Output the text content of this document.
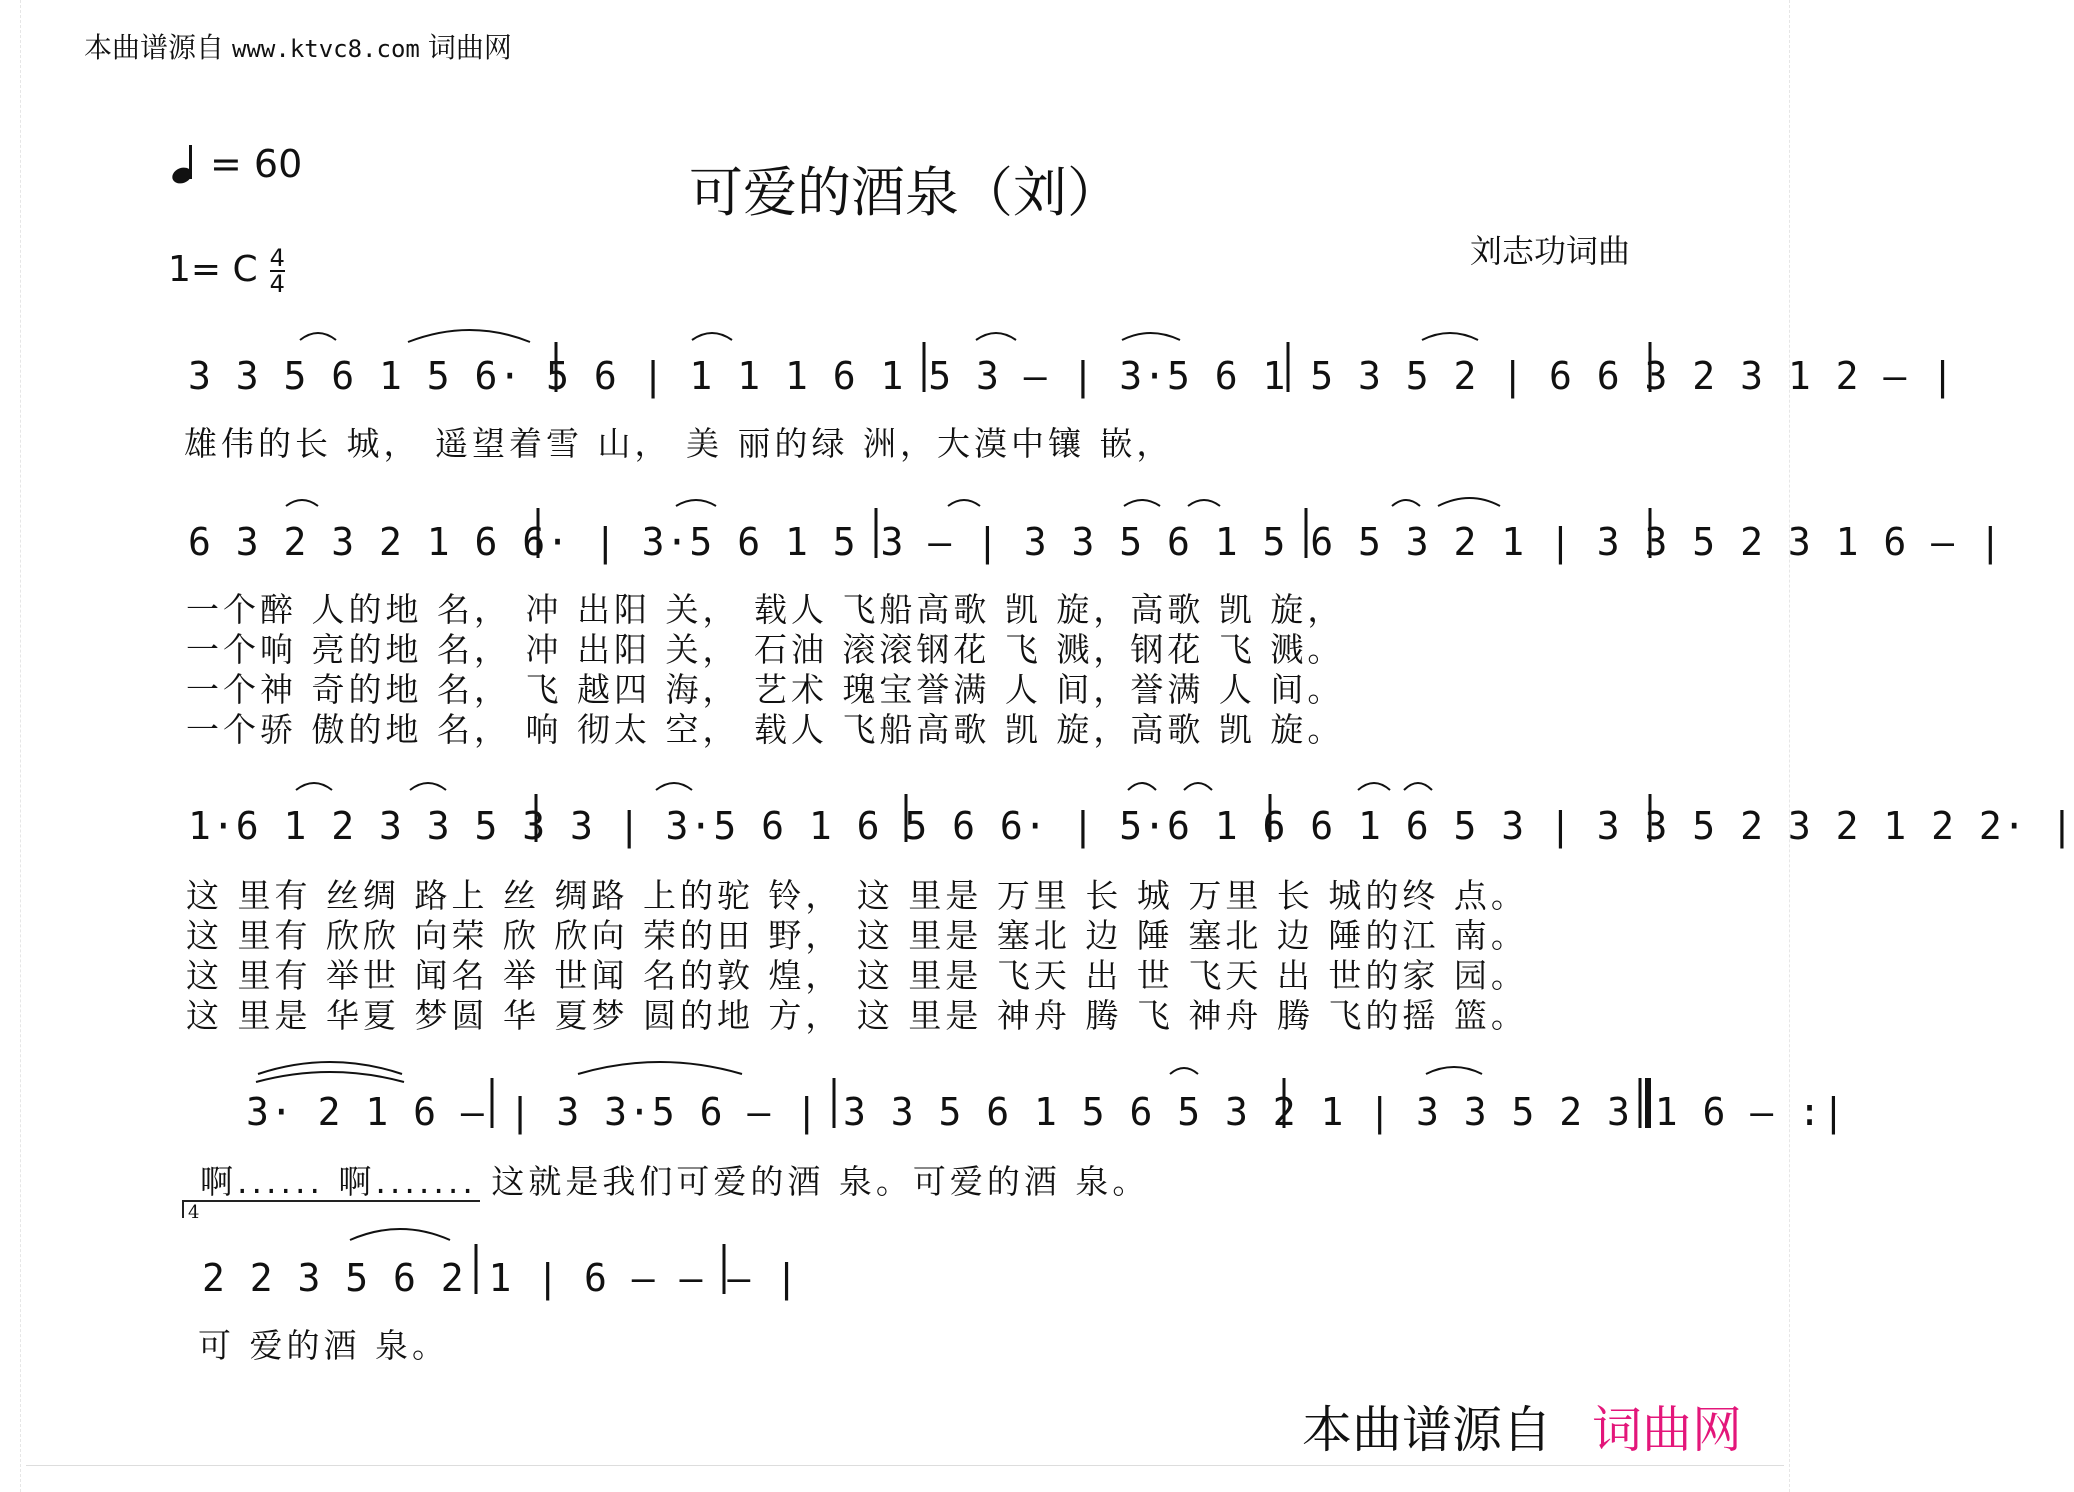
本曲谱源自 www.ktvc8.com 词曲网
= 60
1= C $\frac{4}{4}$
可爱的酒泉（刘）
刘志功词曲
3 3 5 6 1 5 6· 5 6 | 1 1 1 6 1 5 3 — | 3·5 6 1 5 3 5 2 | 6 6 3 2 3 1 2 — |
雄伟的长 城， 遥望着雪 山， 美 丽的绿 洲，大漠中镶 嵌，
6 3 2 3 2 1 6 6· | 3·5 6 1 5 3 — | 3 3 5 6 1 5 6 5 3 2 1 | 3 3 5 2 3 1 6 — |
一个醉 人的地 名， 冲 出阳 关， 载人 飞船高歌 凯 旋，高歌 凯 旋，
一个响 亮的地 名， 冲 出阳 关， 石油 滚滚钢花 飞 溅，钢花 飞 溅。
一个神 奇的地 名， 飞 越四 海， 艺术 瑰宝誉满 人 间，誉满 人 间。
一个骄 傲的地 名， 响 彻太 空， 载人 飞船高歌 凯 旋，高歌 凯 旋。
1·6 1 2 3 3 5 3 3 | 3·5 6 1 6 5 6 6· | 5·6 1 6 6 1 6 5 3 | 3 3 5 2 3 2 1 2 2· |
这 里有 丝绸 路上 丝 绸路 上的驼 铃， 这 里是 万里 长 城 万里 长 城的终 点。
这 里有 欣欣 向荣 欣 欣向 荣的田 野， 这 里是 塞北 边 陲 塞北 边 陲的江 南。
这 里有 举世 闻名 举 世闻 名的敦 煌， 这 里是 飞天 出 世 飞天 出 世的家 园。
这 里是 华夏 梦圆 华 夏梦 圆的地 方， 这 里是 神舟 腾 飞 神舟 腾 飞的摇 篮。
3· 2 1 6 — | 3 3·5 6 — | 3 3 5 6 1 5 6 5 3 2 1 | 3 3 5 2 3 1 6 — :|
啊...... 啊....... 这就是我们可爱的酒 泉。可爱的酒 泉。
4
2 2 3 5 6 2 1 | 6 — — — |
可 爱的酒 泉。
本曲谱源自 词曲网
